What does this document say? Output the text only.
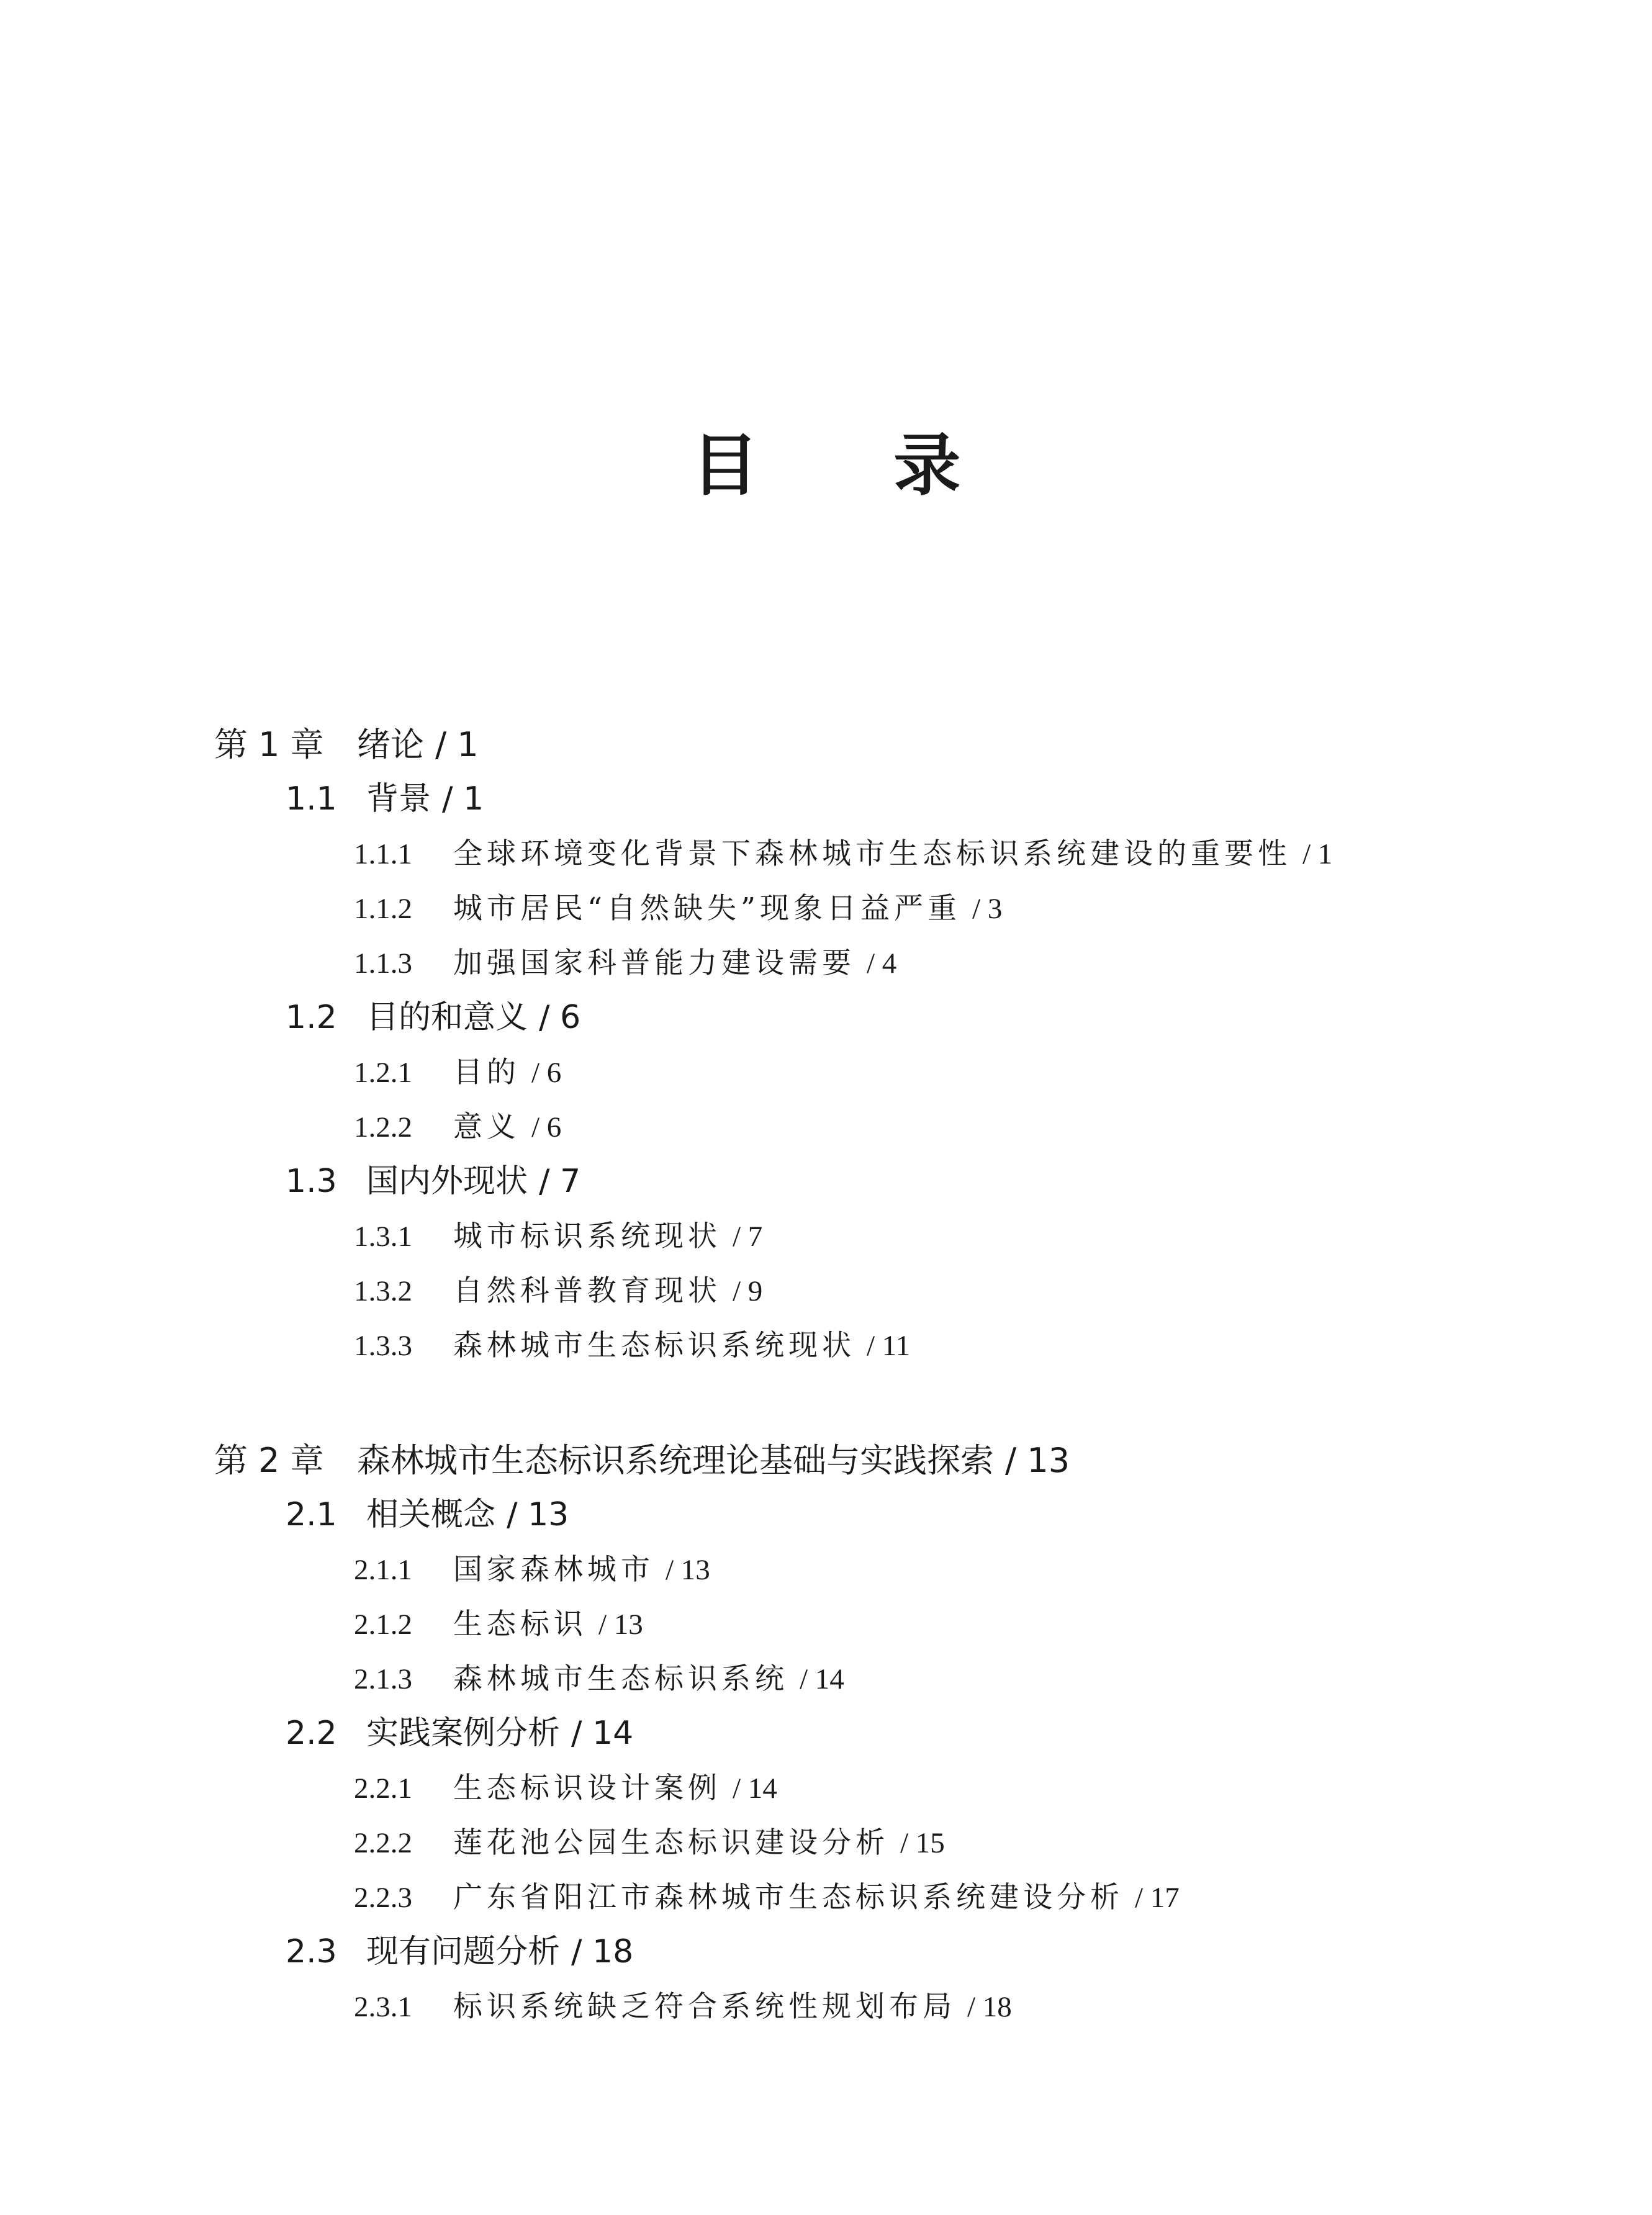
目 录
第 1 章 绪论 / 1
1.1 背景 / 1
1.1.1 全球环境变化背景下森林城市生态标识系统建设的重要性 / 1
1.1.2 城市居民“自然缺失”现象日益严重 / 3
1.1.3 加强国家科普能力建设需要 / 4
1.2 目的和意义 / 6
1.2.1 目的 / 6
1.2.2 意义 / 6
1.3 国内外现状 / 7
1.3.1 城市标识系统现状 / 7
1.3.2 自然科普教育现状 / 9
1.3.3 森林城市生态标识系统现状 / 11
第 2 章 森林城市生态标识系统理论基础与实践探索 / 13
2.1 相关概念 / 13
2.1.1 国家森林城市 / 13
2.1.2 生态标识 / 13
2.1.3 森林城市生态标识系统 / 14
2.2 实践案例分析 / 14
2.2.1 生态标识设计案例 / 14
2.2.2 莲花池公园生态标识建设分析 / 15
2.2.3 广东省阳江市森林城市生态标识系统建设分析 / 17
2.3 现有问题分析 / 18
2.3.1 标识系统缺乏符合系统性规划布局 / 18
